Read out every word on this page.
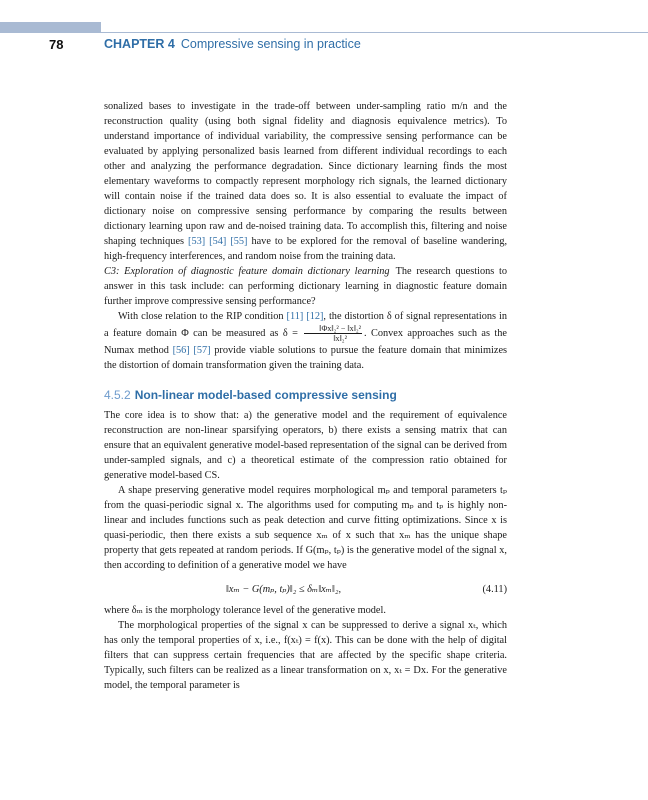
78	CHAPTER 4 Compressive sensing in practice

sonalized bases to investigate in the trade-off between under-sampling ratio m/n and the reconstruction quality (using both signal fidelity and diagnosis equivalence metrics). To understand importance of individual variability, the compressive sensing performance can be evaluated by applying personalized basis learned from different individual recordings to each other and analyzing the performance degradation. Since dictionary learning finds the most elementary waveforms to compactly represent morphology rich signals, the learned dictionary will contain noise if the trained data does so. It is also essential to evaluate the impact of dictionary noise on compressive sensing performance by comparing the results between dictionary learning upon raw and de-noised training data. To accomplish this, filtering and noise shaping techniques [53] [54] [55] have to be explored for the removal of baseline wandering, high-frequency interferences, and random noise from the training data.

C3: Exploration of diagnostic feature domain dictionary learning The research questions to answer in this task include: can performing dictionary learning in diagnostic feature domain further improve compressive sensing performance?

With close relation to the RIP condition [11] [12], the distortion δ of signal representations in a feature domain Φ can be measured as $\delta = \frac{\text{‖Φx‖₂² − ‖x‖₂²}}{\text{‖x‖₂²}}$ . Convex approaches such as the Numax method [56] [57] provide viable solutions to pursue the feature domain that minimizes the distortion of domain transformation given the training data.

4.5.2 Non-linear model-based compressive sensing

The core idea is to show that: a) the generative model and the requirement of equivalence reconstruction are non-linear sparsifying operators, b) there exists a sensing matrix that can ensure that an equivalent generative model-based representation of the signal can be derived from under-sampled signals, and c) a theoretical estimate of the compression ratio obtained for generative model-based CS.

A shape preserving generative model requires morphological mₚ and temporal parameters tₚ from the quasi-periodic signal x. The algorithms used for computing mₚ and tₚ is highly non-linear and includes functions such as peak detection and curve fitting optimizations. Since x is quasi-periodic, then there exists a sub sequence xₘ of x such that xₘ has the unique shape property that gets repeated at random periods. If G(mₚ, tₚ) is the generative model of the signal x, then according to definition of a generative model we have

‖xₘ − G(mₚ, tₚ)‖₂ ≤ δₘ‖xₘ‖₂,	(4.11)

where δₘ is the morphology tolerance level of the generative model.

The morphological properties of the signal x can be suppressed to derive a signal xₜ, which has only the temporal properties of x, i.e., f(xₜ) = f(x). This can be done with the help of digital filters that can suppress certain frequencies that are affected by the specific shape criteria. Typically, such filters can be realized as a linear transformation on x, xₜ = Dx. For the generative model, the temporal parameter is
